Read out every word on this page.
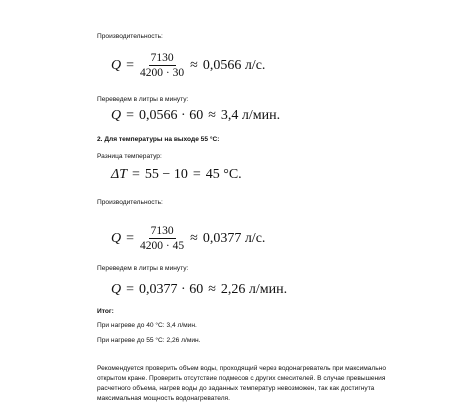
Производительность:
$Q = \frac{7130}{4200 \cdot 30} \approx 0,0566$ л/с.
Переведем в литры в минуту:
Q = 0,0566 · 60 ≈ 3,4 л/мин.
2. Для температуры на выходе 55 °С:
Разница температур:
ΔT = 55 − 10 = 45 °C.
Производительность:
$Q = \frac{7130}{4200 \cdot 45} \approx 0,0377$ л/с.
Переведем в литры в минуту:
Q = 0,0377 · 60 ≈ 2,26 л/мин.
Итог:
При нагреве до 40 °С: 3,4 л/мин.
При нагреве до 55 °С: 2,26 л/мин.
Рекомендуется проверить объем воды, проходящий через водонагреватель при максимально
открытом кране. Проверить отсутствие подмесов с других смесителей. В случае превышения
расчетного объема, нагрев воды до заданных температур невозможен, так как достигнута
максимальная мощность водонагревателя.
